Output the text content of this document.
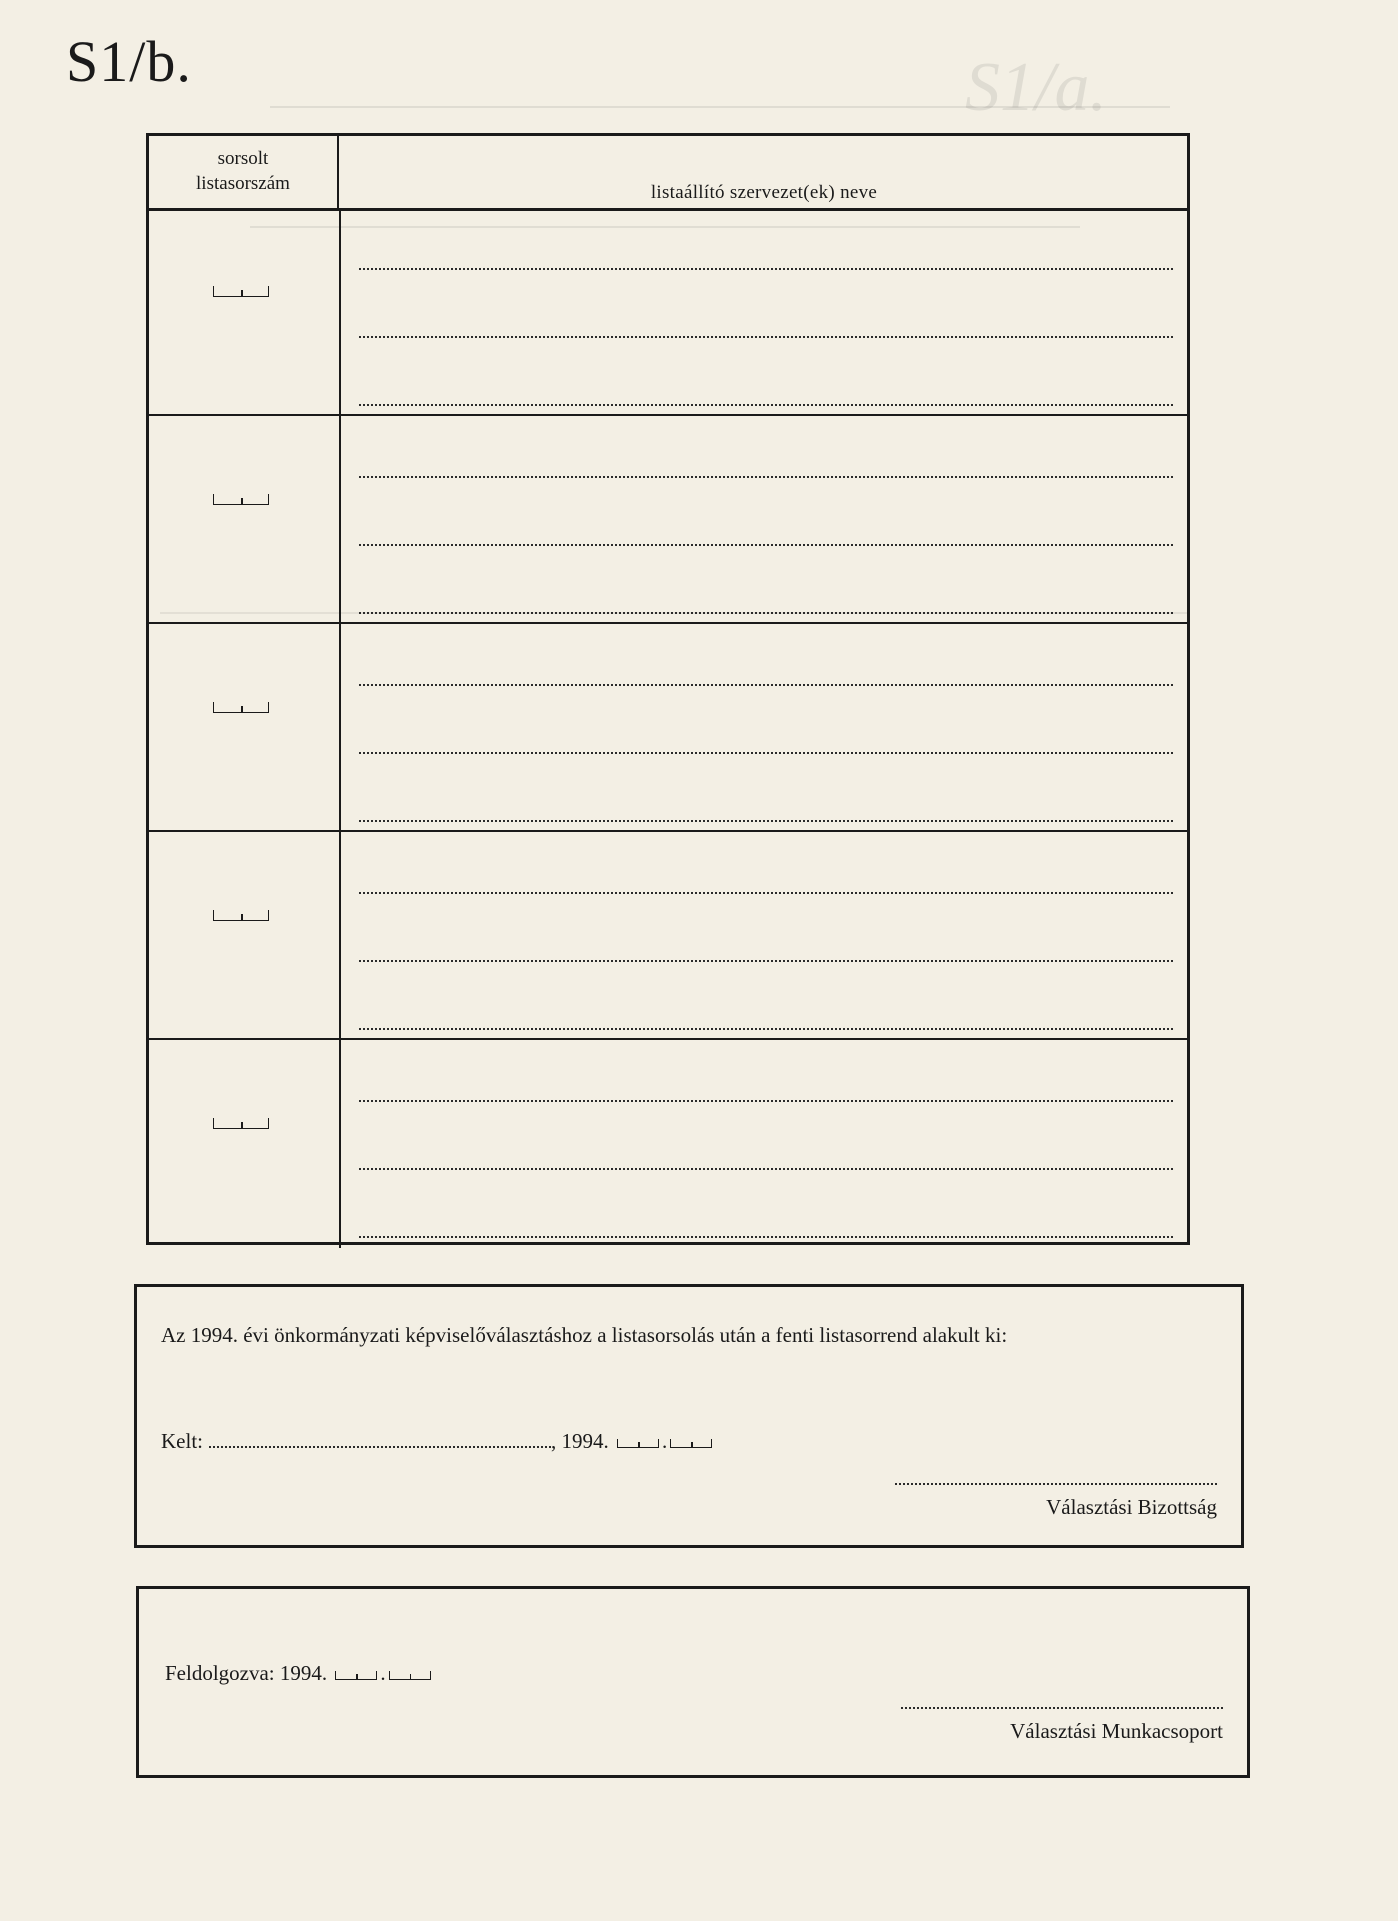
S1/a.
S1/b.
sorsolt
listasorszám	listaállító szervezet(ek) neve
Az 1994. évi önkormányzati képviselőválasztáshoz a listasorsolás után a fenti listasorrend alakult ki:
Kelt:	, 1994.	.
Választási Bizottság
Feldolgozva: 1994.	.
Választási Munkacsoport
